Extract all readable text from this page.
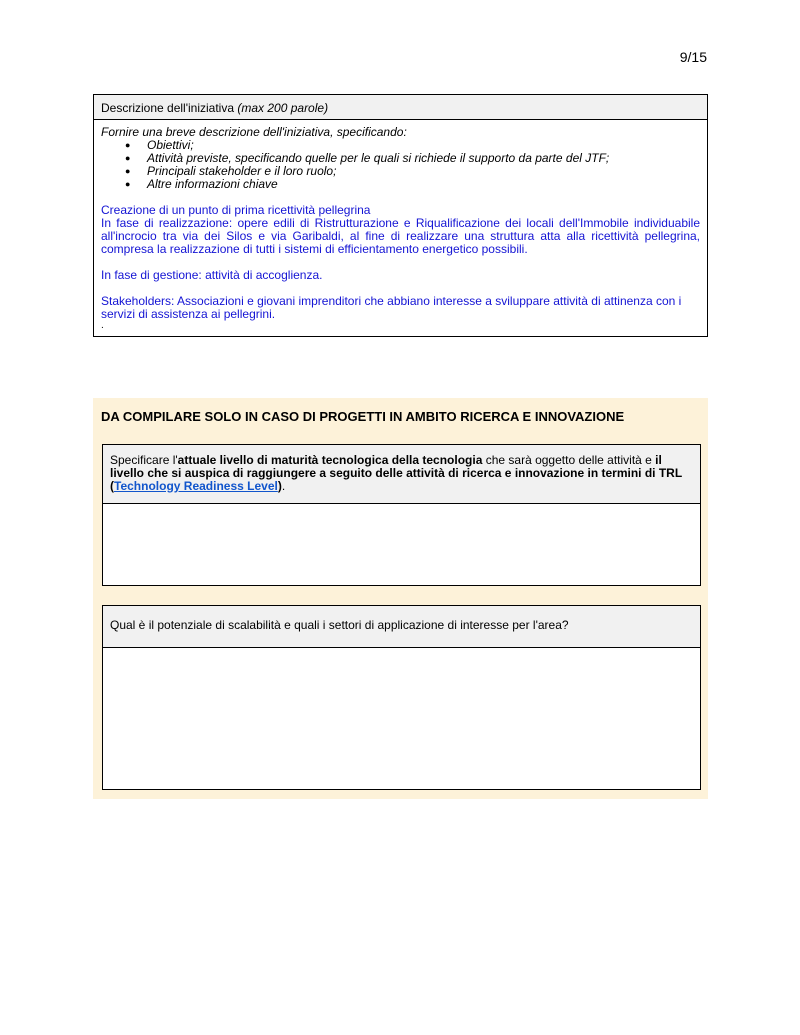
9/15
Descrizione dell'iniziativa (max 200 parole)

Fornire una breve descrizione dell'iniziativa, specificando:

● Obiettivi;
● Attività previste, specificando quelle per le quali si richiede il supporto da parte del JTF;
● Principali stakeholder e il loro ruolo;
● Altre informazioni chiave

Creazione di un punto di prima ricettività pellegrina

In fase di realizzazione: opere edili di Ristrutturazione e Riqualificazione dei locali dell'Immobile individuabile all'incrocio tra via dei Silos e via Garibaldi, al fine di realizzare una struttura atta alla ricettività pellegrina, compresa la realizzazione di tutti i sistemi di efficientamento energetico possibili.

In fase di gestione: attività di accoglienza.

Stakeholders: Associazioni e giovani imprenditori che abbiano interesse a sviluppare attività di attinenza con i servizi di assistenza ai pellegrini.

.

DA COMPILARE SOLO IN CASO DI PROGETTI IN AMBITO RICERCA E INNOVAZIONE
Specificare l'attuale livello di maturità tecnologica della tecnologia che sarà oggetto delle attività e il livello che si auspica di raggiungere a seguito delle attività di ricerca e innovazione in termini di TRL (Technology Readiness Level).
Qual è il potenziale di scalabilità e quali i settori di applicazione di interesse per l'area?
